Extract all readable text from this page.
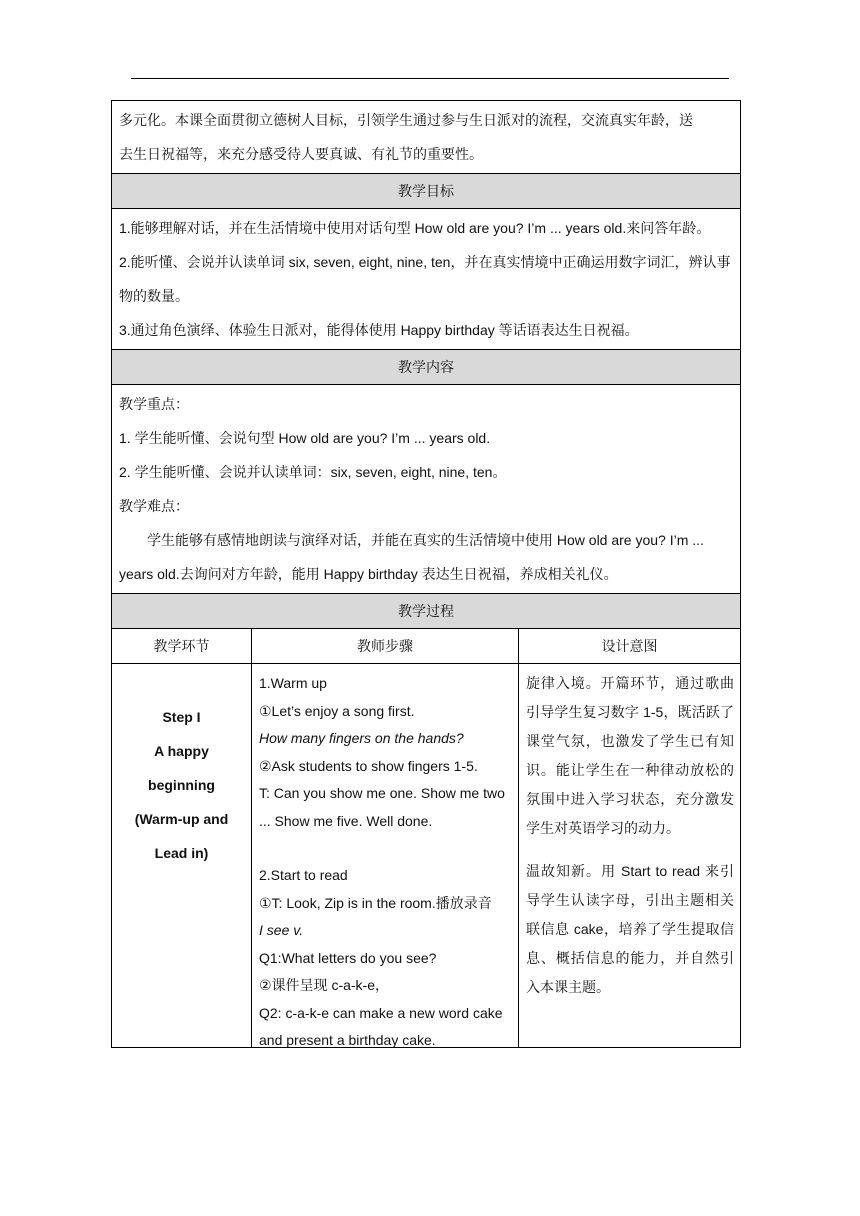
多元化。本课全面贯彻立德树人目标，引领学生通过参与生日派对的流程，交流真实年龄，送

去生日祝福等，来充分感受待人要真诚、有礼节的重要性。

教学目标

1.能够理解对话，并在生活情境中使用对话句型 How old are you? I’m ... years old.来问答年龄。

2.能听懂、会说并认读单词 six, seven, eight, nine, ten，并在真实情境中正确运用数字词汇，辨认事物的数量。

3.通过角色演绎、体验生日派对，能得体使用 Happy birthday 等话语表达生日祝福。

教学内容

教学重点：

1. 学生能听懂、会说句型 How old are you? I’m ... years old.

2. 学生能听懂、会说并认读单词：six, seven, eight, nine, ten。

教学难点：

学生能够有感情地朗读与演绎对话，并能在真实的生活情境中使用 How old are you? I’m ... years old.去询问对方年龄，能用 Happy birthday 表达生日祝福，养成相关礼仪。

教学过程
教学环节	教师步骤	设计意图
Step I
A happy
beginning
(Warm-up and
Lead in)

1.Warm up

①Let’s enjoy a song first.

How many fingers on the hands?

②Ask students to show fingers 1-5.

T: Can you show me one. Show me two ... Show me five. Well done.

2.Start to read

①T: Look, Zip is in the room.播放录音

I see v.

Q1:What letters do you see?

②课件呈现 c-a-k-e，

Q2: c-a-k-e can make a new word cake and present a birthday cake.

旋律入境。开篇环节，通过歌曲引导学生复习数字 1-5，既活跃了课堂气氛，也激发了学生已有知识。能让学生在一种律动放松的氛围中进入学习状态，充分激发学生对英语学习的动力。

温故知新。用 Start to read 来引导学生认读字母，引出主题相关联信息 cake，培养了学生提取信息、概括信息的能力，并自然引入本课主题。
